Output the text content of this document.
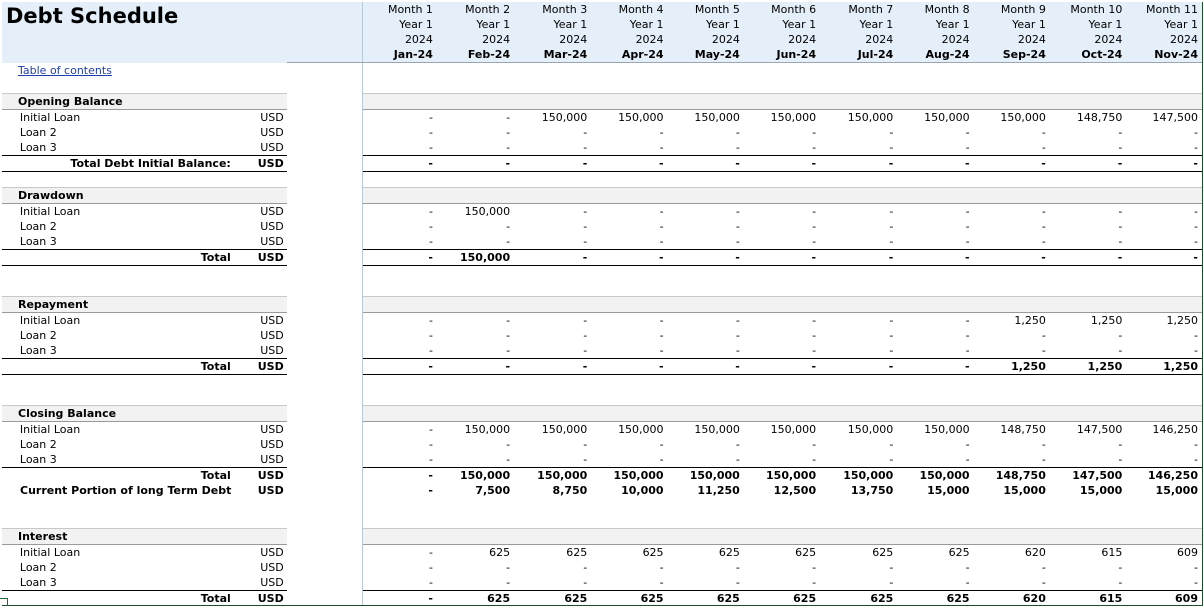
Debt Schedule				Month 1	Month 2	Month 3	Month 4	Month 5	Month 6	Month 7	Month 8	Month 9	Month 10	Month 11
				Year 1	Year 1	Year 1	Year 1	Year 1	Year 1	Year 1	Year 1	Year 1	Year 1	Year 1
				2024	2024	2024	2024	2024	2024	2024	2024	2024	2024	2024
				Jan-24	Feb-24	Mar-24	Apr-24	May-24	Jun-24	Jul-24	Aug-24	Sep-24	Oct-24	Nov-24
Table of contents														

Opening Balance														
	Initial Loan	USD		-	-	150,000	150,000	150,000	150,000	150,000	150,000	150,000	148,750	147,500
	Loan 2	USD		-	-	-	-	-	-	-	-	-	-	-
	Loan 3	USD		-	-	-	-	-	-	-	-	-	-	-
Total Debt Initial Balance:		USD		-	-	-	-	-	-	-	-	-	-	-

Drawdown														
	Initial Loan	USD		-	150,000	-	-	-	-	-	-	-	-	-
	Loan 2	USD		-	-	-	-	-	-	-	-	-	-	-
	Loan 3	USD		-	-	-	-	-	-	-	-	-	-	-
Total		USD		-	150,000	-	-	-	-	-	-	-	-	-

Repayment														
	Initial Loan	USD		-	-	-	-	-	-	-	-	1,250	1,250	1,250
	Loan 2	USD		-	-	-	-	-	-	-	-	-	-	-
	Loan 3	USD		-	-	-	-	-	-	-	-	-	-	-
Total		USD		-	-	-	-	-	-	-	-	1,250	1,250	1,250

Closing Balance														
	Initial Loan	USD		-	150,000	150,000	150,000	150,000	150,000	150,000	150,000	148,750	147,500	146,250
	Loan 2	USD		-	-	-	-	-	-	-	-	-	-	-
	Loan 3	USD		-	-	-	-	-	-	-	-	-	-	-
Total		USD		-	150,000	150,000	150,000	150,000	150,000	150,000	150,000	148,750	147,500	146,250
Current Portion of long Term Debt		USD		-	7,500	8,750	10,000	11,250	12,500	13,750	15,000	15,000	15,000	15,000

Interest														
	Initial Loan	USD		-	625	625	625	625	625	625	625	620	615	609
	Loan 2	USD		-	-	-	-	-	-	-	-	-	-	-
	Loan 3	USD		-	-	-	-	-	-	-	-	-	-	-
Total		USD		-	625	625	625	625	625	625	625	620	615	609
